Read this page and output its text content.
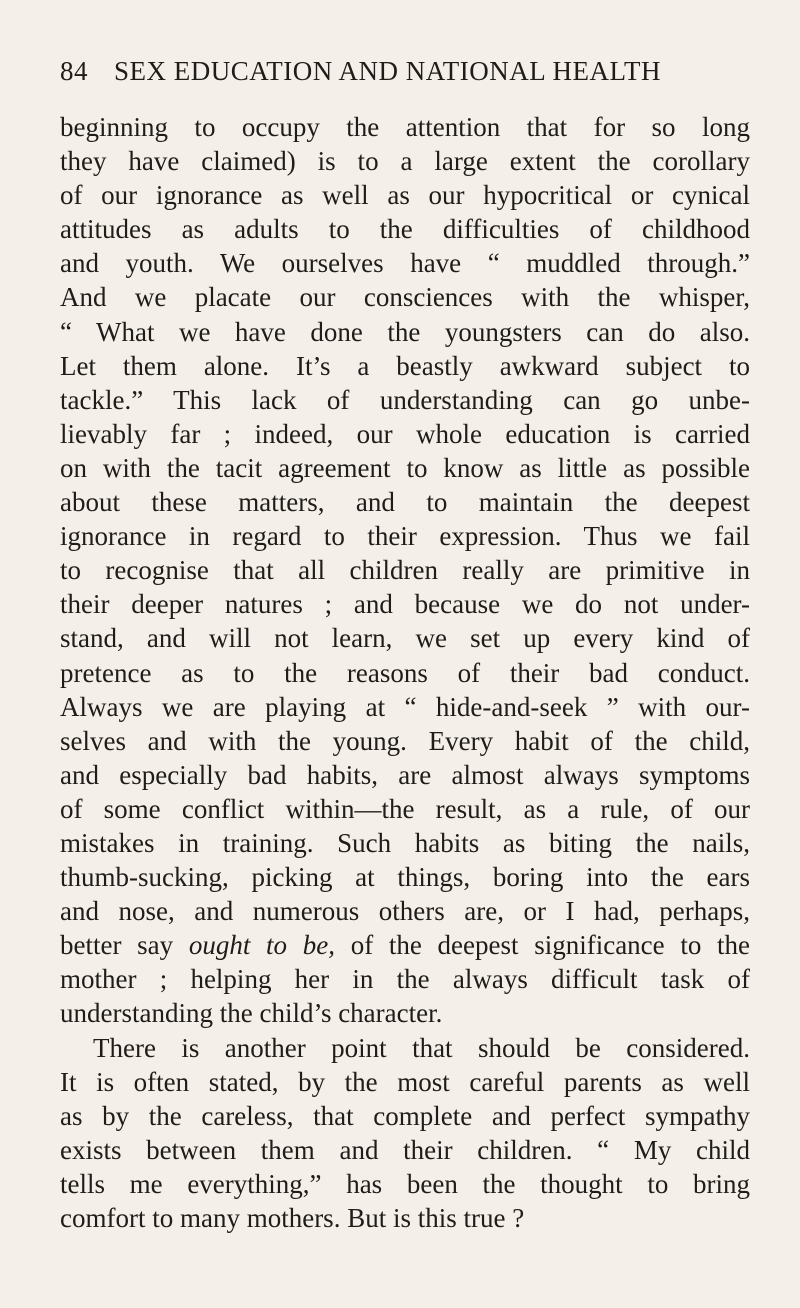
84 SEX EDUCATION AND NATIONAL HEALTH
beginning to occupy the attention that for so long
they have claimed) is to a large extent the corollary
of our ignorance as well as our hypocritical or cynical
attitudes as adults to the difficulties of childhood
and youth. We ourselves have “ muddled through.”
And we placate our consciences with the whisper,
“ What we have done the youngsters can do also.
Let them alone. It’s a beastly awkward subject to
tackle.” This lack of understanding can go unbe-
lievably far ; indeed, our whole education is carried
on with the tacit agreement to know as little as possible
about these matters, and to maintain the deepest
ignorance in regard to their expression. Thus we fail
to recognise that all children really are primitive in
their deeper natures ; and because we do not under-
stand, and will not learn, we set up every kind of
pretence as to the reasons of their bad conduct.
Always we are playing at “ hide-and-seek ” with our-
selves and with the young. Every habit of the child,
and especially bad habits, are almost always symptoms
of some conflict within—the result, as a rule, of our
mistakes in training. Such habits as biting the nails,
thumb-sucking, picking at things, boring into the ears
and nose, and numerous others are, or I had, perhaps,
better say ought to be, of the deepest significance to the
mother ; helping her in the always difficult task of
understanding the child’s character.
There is another point that should be considered.
It is often stated, by the most careful parents as well
as by the careless, that complete and perfect sympathy
exists between them and their children. “ My child
tells me everything,” has been the thought to bring
comfort to many mothers. But is this true ?
